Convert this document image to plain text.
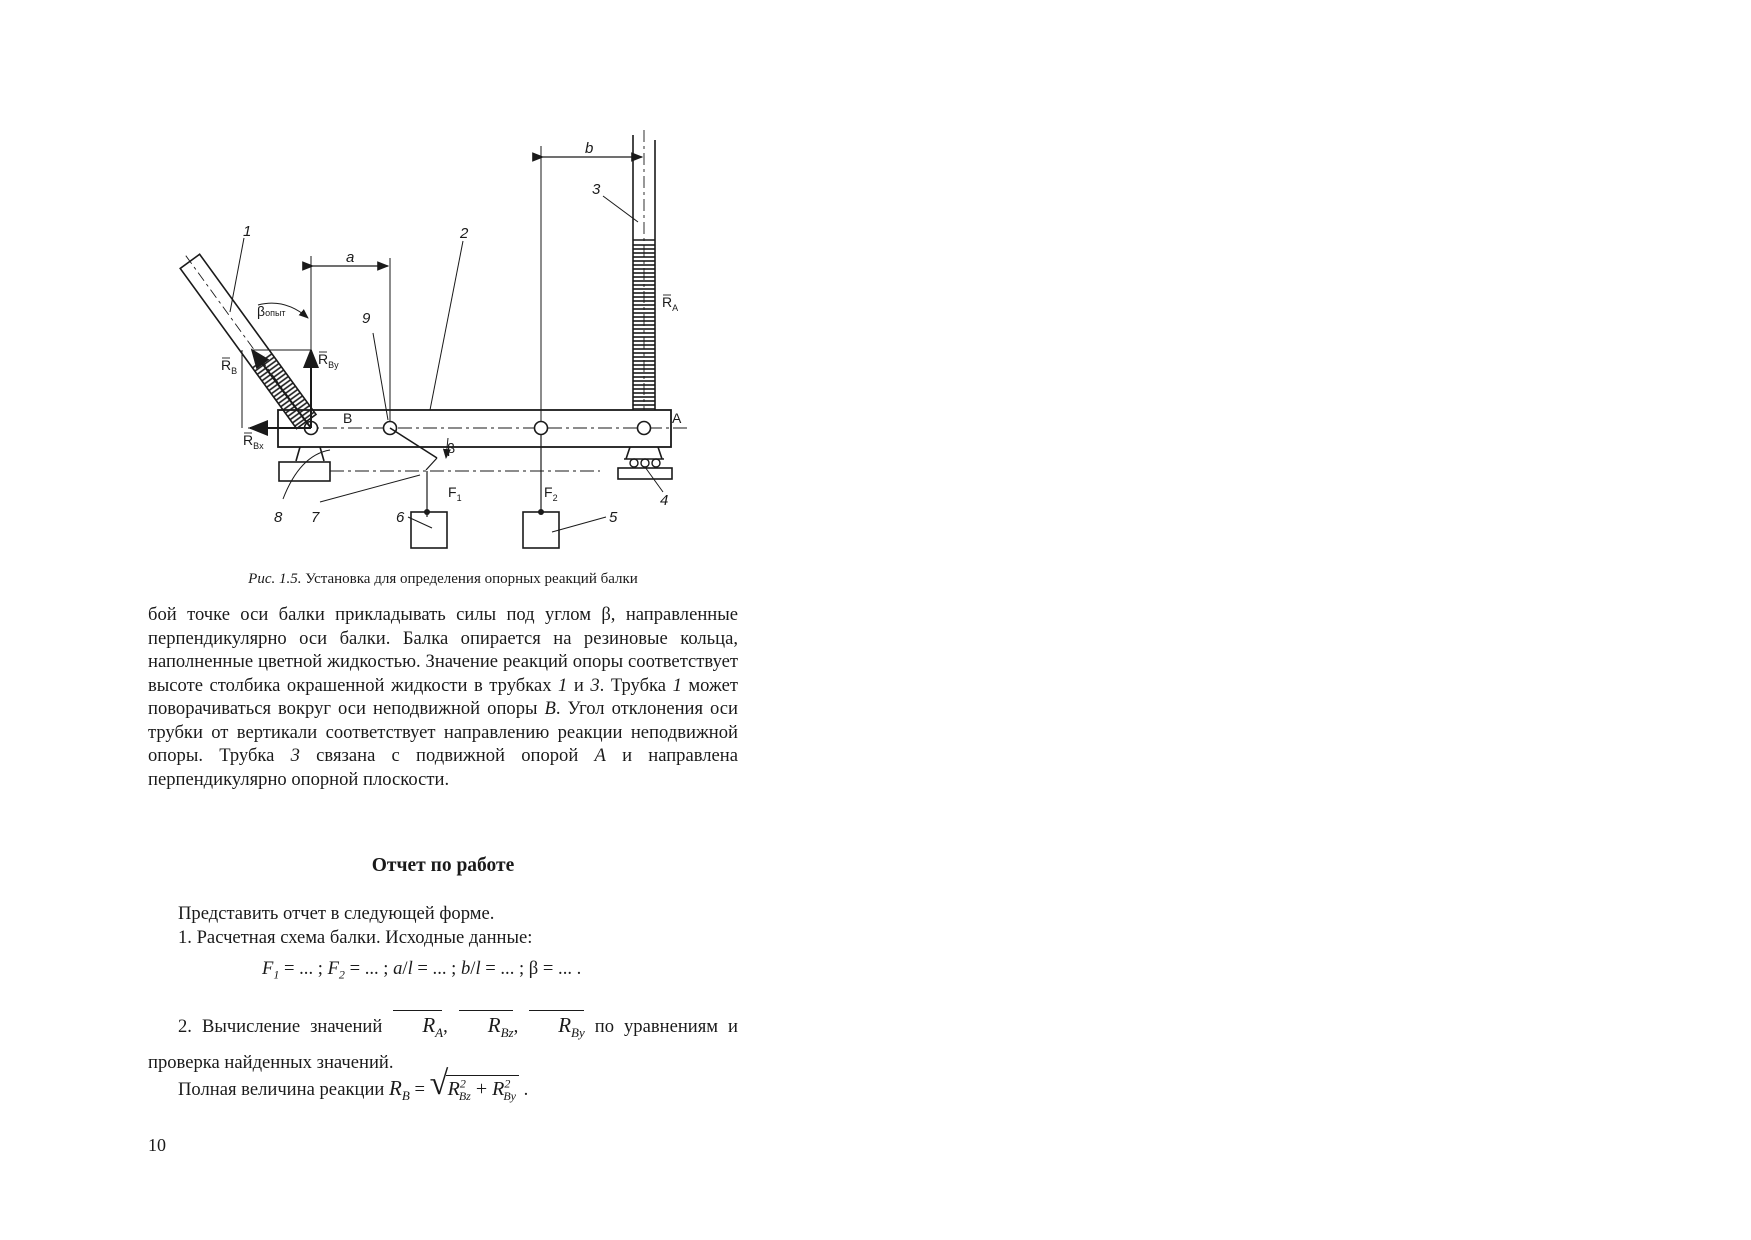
1	2
3
4
5
6
7
8
9
a
b
βопыт
$R_{By}$
$R_B$
$R_{Bx}$
$R_A$
B	A
β
$F_1$	$F_2$

Рис. 1.5. Установка для определения опорных реакций балки

бой точке оси балки прикладывать силы под углом β, направленные перпендикулярно оси балки. Балка опирается на резиновые кольца, наполненные цветной жидкостью. Значение реакций опоры соответствует высоте столбика окрашенной жидкости в трубках 1 и 3. Трубка 1 может поворачиваться вокруг оси неподвижной опоры B. Угол отклонения оси трубки от вертикали соответствует направлению реакции неподвижной опоры. Трубка 3 связана с подвижной опорой A и направлена перпендикулярно опорной плоскости.

Отчет по работе

Представить отчет в следующей форме.

1. Расчетная схема балки. Исходные данные:

$F_1$ = ... ; $F_2$ = ... ; a/l = ... ; b/l = ... ; β = ... .

2. Вычисление значений $R_A$, $R_{Bz}$, $R_{By}$ по уравнениям и проверка найденных значений.

Полная величина реакции $R_B$ = √ $R^2_{Bz} + R^2_{By}$ .

10
